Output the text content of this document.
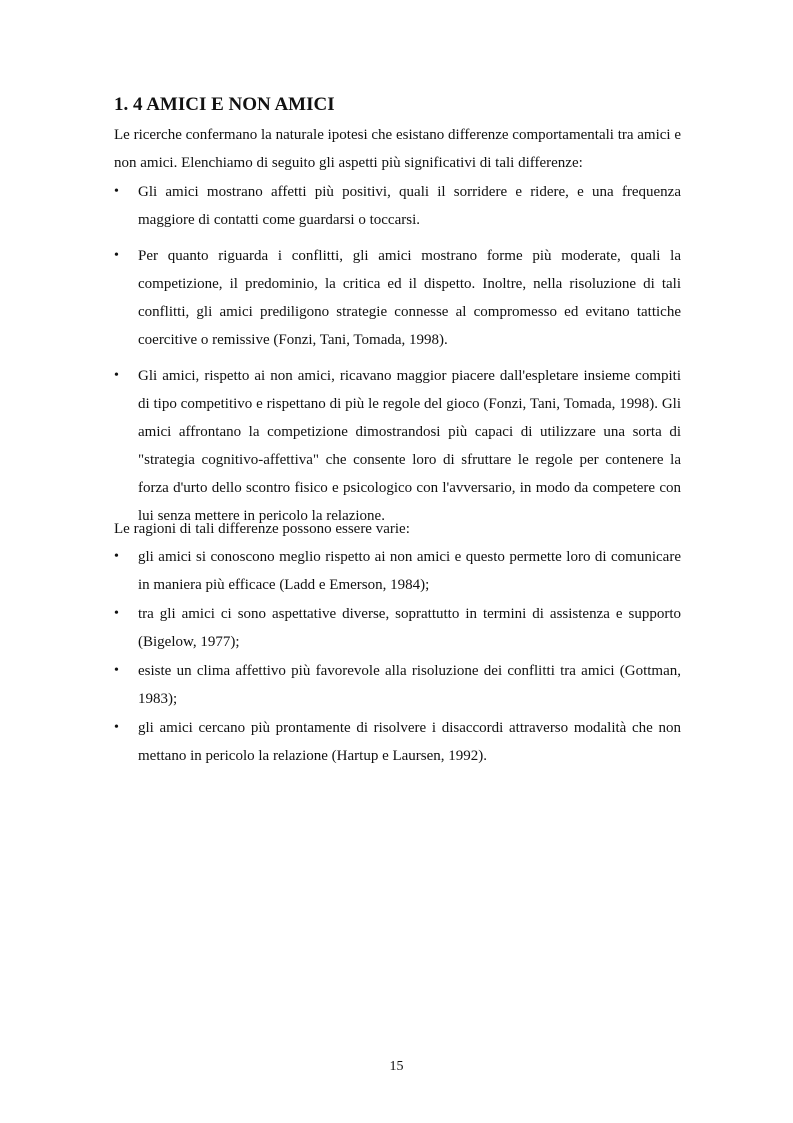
1. 4 AMICI E NON AMICI

Le ricerche confermano la naturale ipotesi che esistano differenze comportamentali tra amici e non amici. Elenchiamo di seguito gli aspetti più significativi di tali differenze:

•	Gli amici mostrano affetti più positivi, quali il sorridere e ridere, e una frequenza maggiore di contatti come guardarsi o toccarsi.
•	Per quanto riguarda i conflitti, gli amici mostrano forme più moderate, quali la competizione, il predominio, la critica ed il dispetto. Inoltre, nella risoluzione di tali conflitti, gli amici prediligono strategie connesse al compromesso ed evitano tattiche coercitive o remissive (Fonzi, Tani, Tomada, 1998).
•	Gli amici, rispetto ai non amici, ricavano maggior piacere dall'espletare insieme compiti di tipo competitivo e rispettano di più le regole del gioco (Fonzi, Tani, Tomada, 1998). Gli amici affrontano la competizione dimostrandosi più capaci di utilizzare una sorta di "strategia cognitivo-affettiva" che consente loro di sfruttare le regole per contenere la forza d'urto dello scontro fisico e psicologico con l'avversario, in modo da competere con lui senza mettere in pericolo la relazione.

Le ragioni di tali differenze possono essere varie:

•	gli amici si conoscono meglio rispetto ai non amici e questo permette loro di comunicare in maniera più efficace (Ladd e Emerson, 1984);
•	tra gli amici ci sono aspettative diverse, soprattutto in termini di assistenza e supporto (Bigelow, 1977);
•	esiste un clima affettivo più favorevole alla risoluzione dei conflitti tra amici (Gottman, 1983);
•	gli amici cercano più prontamente di risolvere i disaccordi attraverso modalità che non mettano in pericolo la relazione (Hartup e Laursen, 1992).
15
